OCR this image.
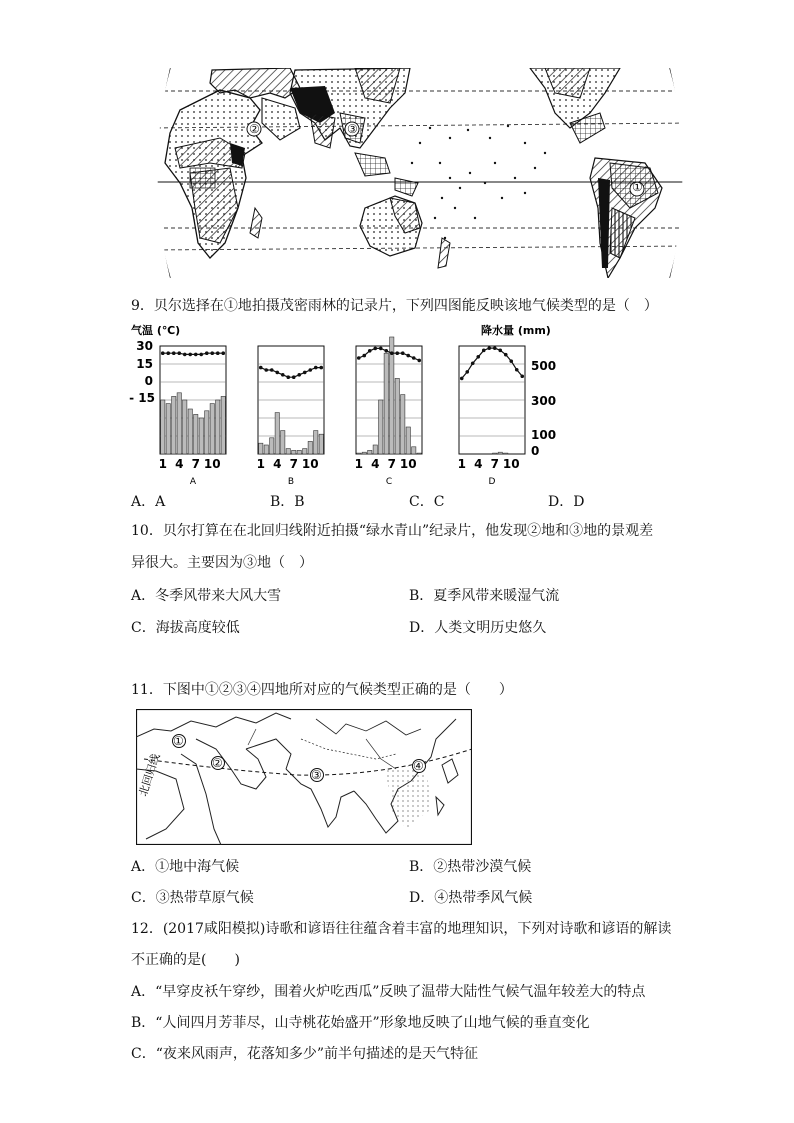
①
②	③
9．贝尔选择在①地拍摄茂密雨林的记录片，下列四图能反映该地气候类型的是（　）
气温 (℃)	降水量 (mm)
30
15
0
- 15
500
300
100
0
1 4 7 10
A
1 4 7 10
B
1 4 7 10
C
1 4 7 10
D
A．A	B．B	C．C	D．D
10．贝尔打算在在北回归线附近拍摄“绿水青山”纪录片，他发现②地和③地的景观差
异很大。主要因为③地（　）
A．冬季风带来大风大雪	B．夏季风带来暖湿气流
C．海拔高度较低	D．人类文明历史悠久
11．下图中①②③④四地所对应的气候类型正确的是（　　）
北回归线
①
②
③
④
A．①地中海气候	B．②热带沙漠气候
C．③热带草原气候	D．④热带季风气候
12．(2017咸阳模拟)诗歌和谚语往往蕴含着丰富的地理知识，下列对诗歌和谚语的解读
不正确的是(　　)
A．“早穿皮袄午穿纱，围着火炉吃西瓜”反映了温带大陆性气候气温年较差大的特点
B．“人间四月芳菲尽，山寺桃花始盛开”形象地反映了山地气候的垂直变化
C．“夜来风雨声，花落知多少”前半句描述的是天气特征
